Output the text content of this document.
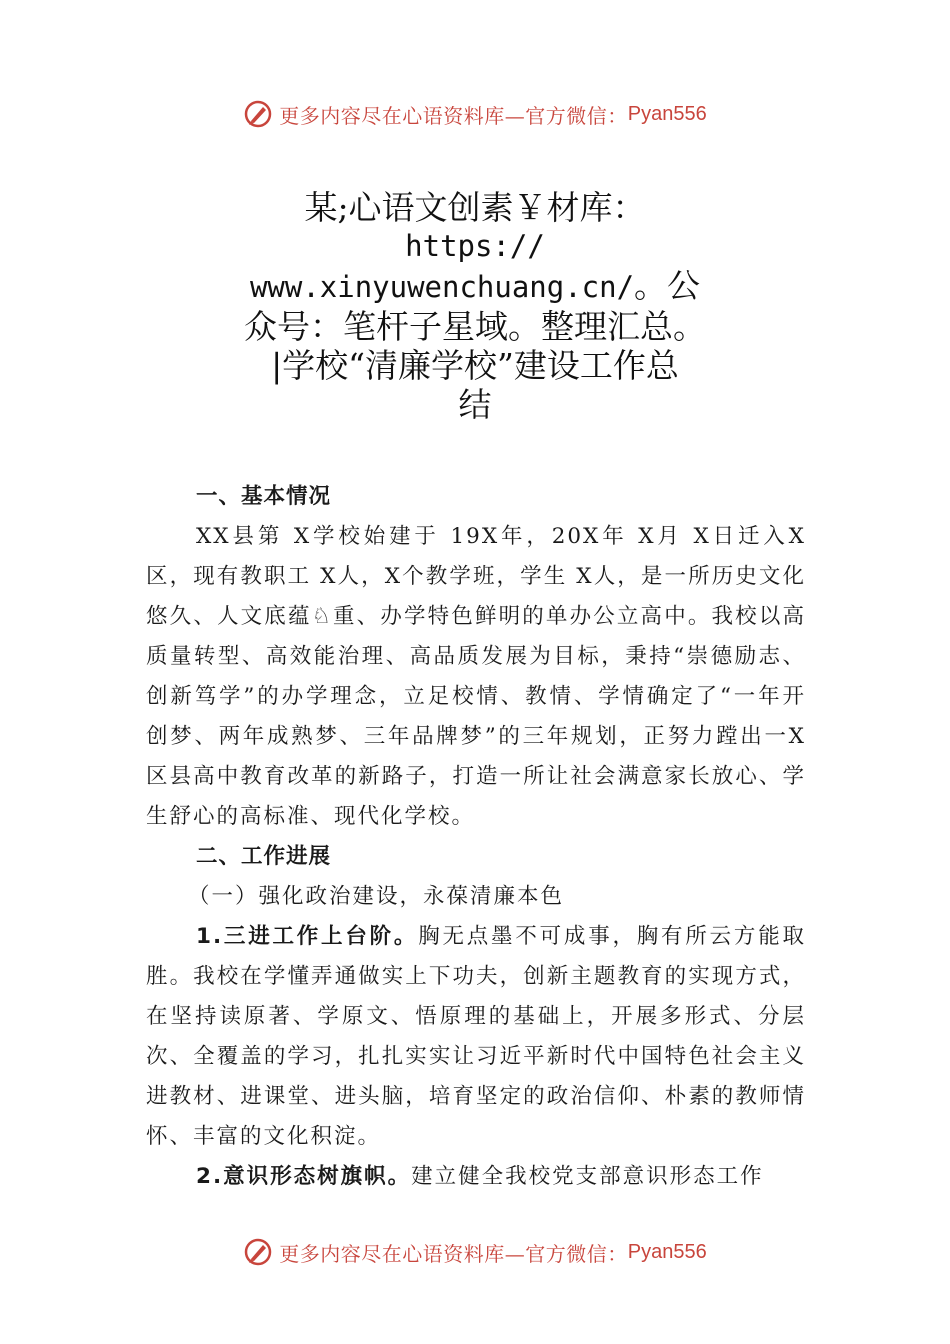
更多内容尽在心语资料库—官方微信： Pyan556
某;心语文创素￥材库：
https://
www.xinyuwenchuang.cn/。公
众号：笔杆子星域。整理汇总。
|学校“清廉学校”建设工作总
结

一、基本情况

XX县第 X学校始建于 19X年，20X年 X月 X日迁入X区，现有教职工 X人，X个教学班，学生 X人，是一所历史文化悠久、人文底蕴♘重、办学特色鲜明的单办公立高中。我校以高质量转型、高效能治理、高品质发展为目标，秉持“崇德励志、创新笃学”的办学理念，立足校情、教情、学情确定了“一年开创梦、两年成熟梦、三年品牌梦”的三年规划，正努力蹚出一X区县高中教育改革的新路子，打造一所让社会满意家长放心、学生舒心的高标准、现代化学校。

二、工作进展

（一）强化政治建设，永葆清廉本色

1.三进工作上台阶。胸无点墨不可成事，胸有所云方能取胜。我校在学懂弄通做实上下功夫，创新主题教育的实现方式，在坚持读原著、学原文、悟原理的基础上，开展多形式、分层次、全覆盖的学习，扎扎实实让习近平新时代中国特色社会主义进教材、进课堂、进头脑，培育坚定的政治信仰、朴素的教师情怀、丰富的文化积淀。

2.意识形态树旗帜。建立健全我校党支部意识形态工作

更多内容尽在心语资料库—官方微信： Pyan556
